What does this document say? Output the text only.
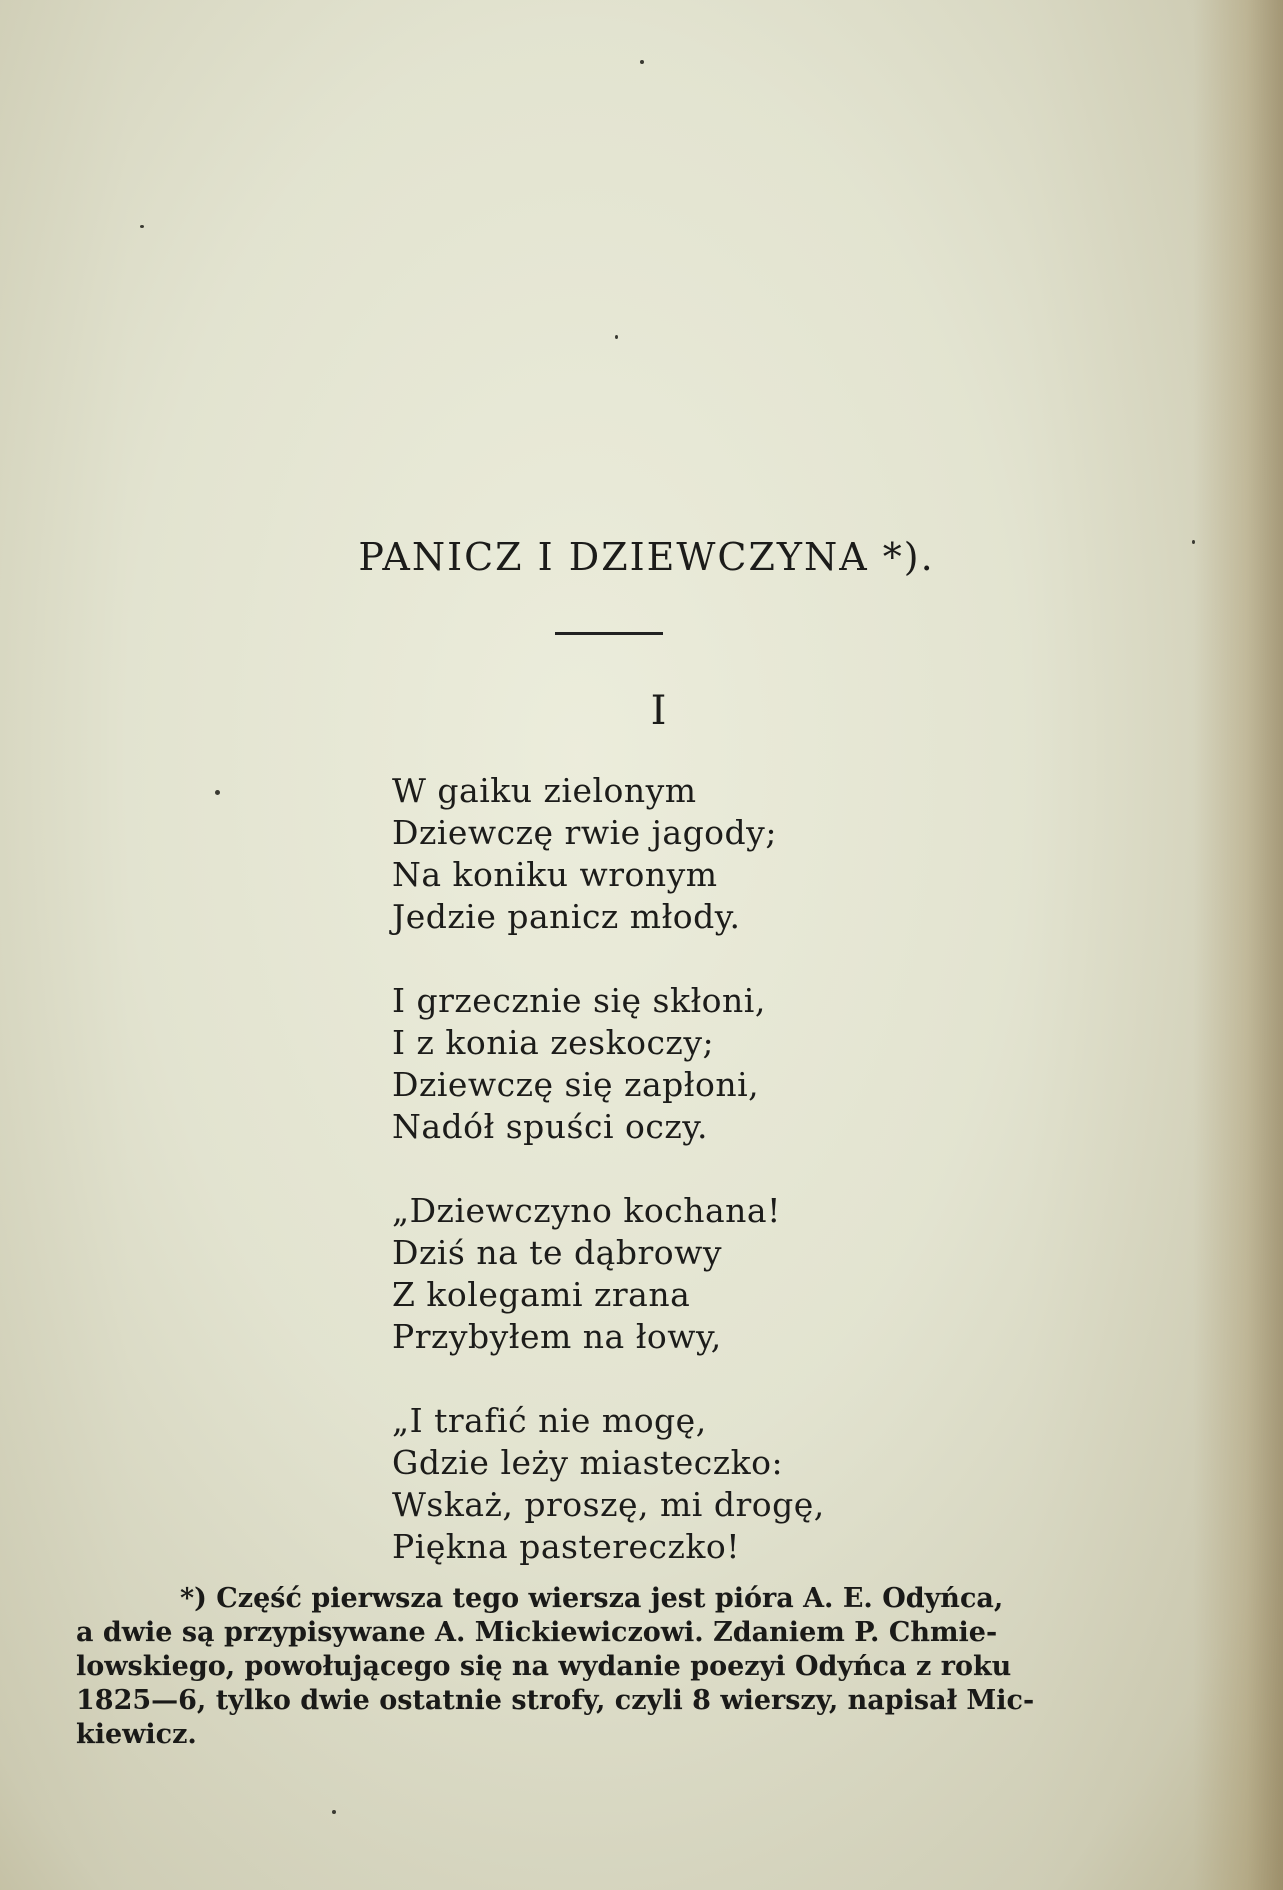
PANICZ I DZIEWCZYNA *).
I
W gaiku zielonym
Dziewczę rwie jagody;
Na koniku wronym
Jedzie panicz młody.
I grzecznie się skłoni,
I z konia zeskoczy;
Dziewczę się zapłoni,
Nadół spuści oczy.
„Dziewczyno kochana!
Dziś na te dąbrowy
Z kolegami zrana
Przybyłem na łowy,
„I trafić nie mogę,
Gdzie leży miasteczko:
Wskaż, proszę, mi drogę,
Piękna pastereczko!
*) Część pierwsza tego wiersza jest pióra A. E. Odyńca,
a dwie są przypisywane A. Mickiewiczowi. Zdaniem P. Chmie-
lowskiego, powołującego się na wydanie poezyi Odyńca z roku
1825—6, tylko dwie ostatnie strofy, czyli 8 wierszy, napisał Mic-
kiewicz.
